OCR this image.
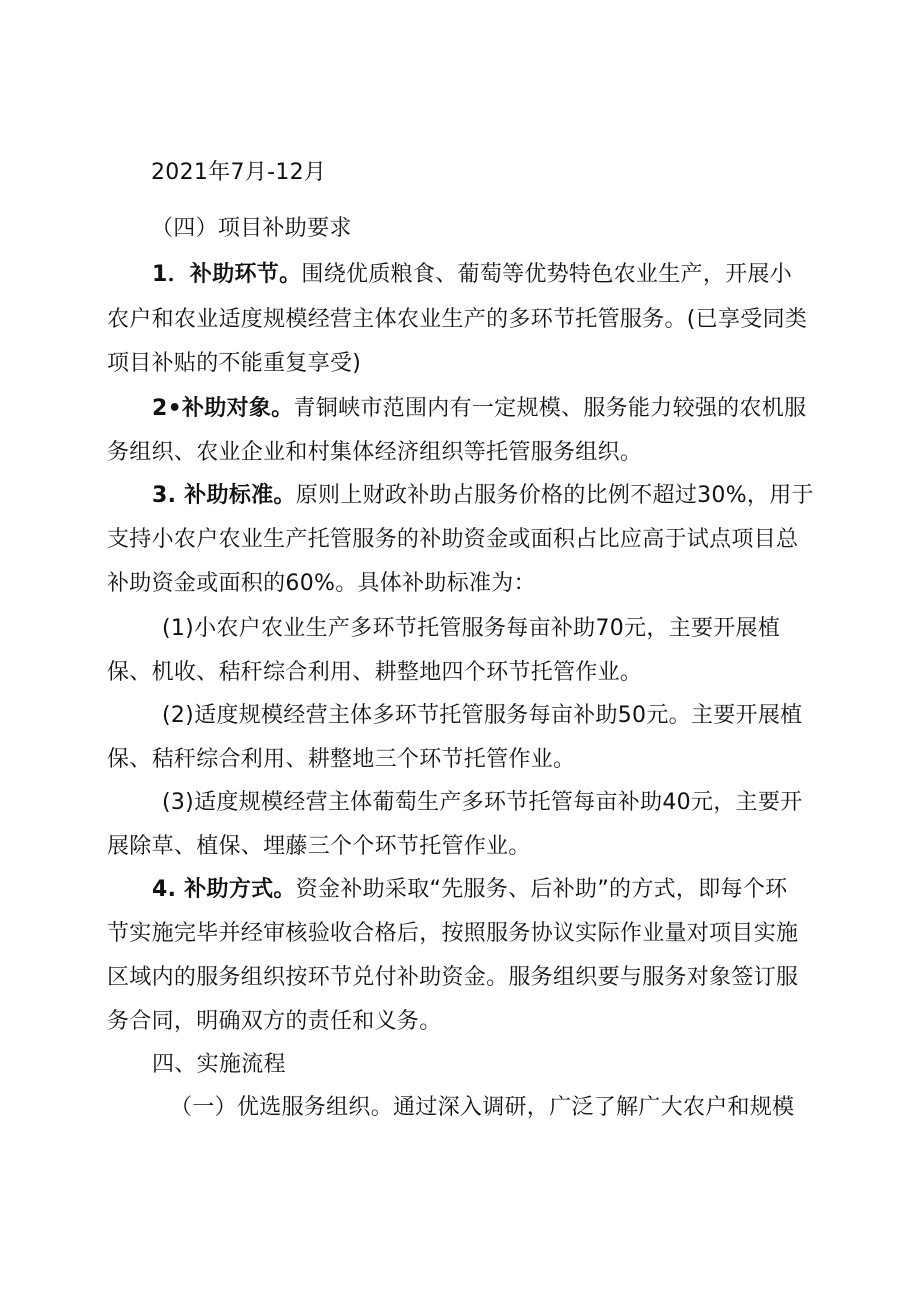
2021年7月-12月
（四）项目补助要求
1．补助环节。围绕优质粮食、葡萄等优势特色农业生产，开展小
农户和农业适度规模经营主体农业生产的多环节托管服务。(已享受同类
项目补贴的不能重复享受)
2•补助对象。青铜峡市范围内有一定规模、服务能力较强的农机服
务组织、农业企业和村集体经济组织等托管服务组织。
3. 补助标准。原则上财政补助占服务价格的比例不超过30%，用于
支持小农户农业生产托管服务的补助资金或面积占比应高于试点项目总
补助资金或面积的60%。具体补助标准为：
(1)小农户农业生产多环节托管服务每亩补助70元，主要开展植
保、机收、秸秆综合利用、耕整地四个环节托管作业。
(2)适度规模经营主体多环节托管服务每亩补助50元。主要开展植
保、秸秆综合利用、耕整地三个环节托管作业。
(3)适度规模经营主体葡萄生产多环节托管每亩补助40元，主要开
展除草、植保、埋藤三个个环节托管作业。
4. 补助方式。资金补助采取“先服务、后补助”的方式，即每个环
节实施完毕并经审核验收合格后，按照服务协议实际作业量对项目实施
区域内的服务组织按环节兑付补助资金。服务组织要与服务对象签订服
务合同，明确双方的责任和义务。
四、实施流程
（一）优选服务组织。通过深入调研，广泛了解广大农户和规模
